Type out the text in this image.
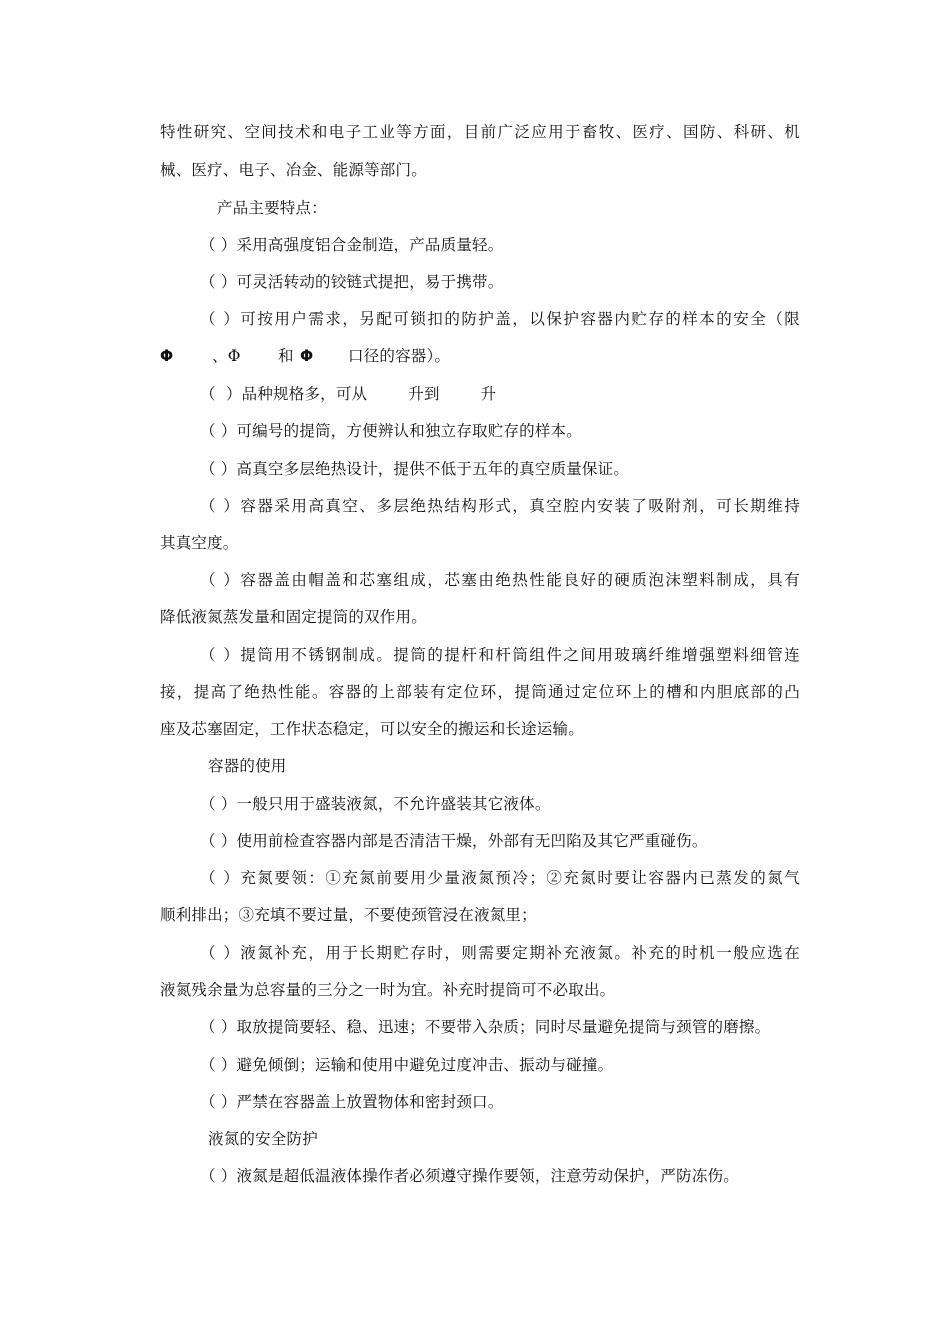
特性研究、空间技术和电子工业等方面，目前广泛应用于畜牧、医疗、国防、科研、机
械、医疗、电子、冶金、能源等部门。
产品主要特点：
（ ）采用高强度铝合金制造，产品质量轻。
（ ）可灵活转动的铰链式提把，易于携带。
（ ）可按用户需求，另配可锁扣的防护盖，以保护容器内贮存的样本的安全（限
Φ 、Φ 和 Φ 口径的容器）。
（  ）品种规格多，可从        升到        升
（ ）可编号的提筒，方便辨认和独立存取贮存的样本。
（ ）高真空多层绝热设计，提供不低于五年的真空质量保证。
（ ）容器采用高真空、多层绝热结构形式，真空腔内安装了吸附剂，可长期维持
其真空度。
（ ）容器盖由帽盖和芯塞组成，芯塞由绝热性能良好的硬质泡沫塑料制成，具有
降低液氮蒸发量和固定提筒的双作用。
（ ）提筒用不锈钢制成。提筒的提杆和杆筒组件之间用玻璃纤维增强塑料细管连
接，提高了绝热性能。容器的上部装有定位环，提筒通过定位环上的槽和内胆底部的凸
座及芯塞固定，工作状态稳定，可以安全的搬运和长途运输。
容器的使用
（ ）一般只用于盛装液氮，不允许盛装其它液体。
（ ）使用前检查容器内部是否清洁干燥，外部有无凹陷及其它严重碰伤。
（ ）充氮要领：①充氮前要用少量液氮预冷；②充氮时要让容器内已蒸发的氮气
顺利排出；③充填不要过量，不要使颈管浸在液氮里；
（ ）液氮补充，用于长期贮存时，则需要定期补充液氮。补充的时机一般应选在
液氮残余量为总容量的三分之一时为宜。补充时提筒可不必取出。
（ ）取放提筒要轻、稳、迅速；不要带入杂质；同时尽量避免提筒与颈管的磨擦。
（ ）避免倾倒；运输和使用中避免过度冲击、振动与碰撞。
（ ）严禁在容器盖上放置物体和密封颈口。
液氮的安全防护
（ ）液氮是超低温液体操作者必须遵守操作要领，注意劳动保护，严防冻伤。
